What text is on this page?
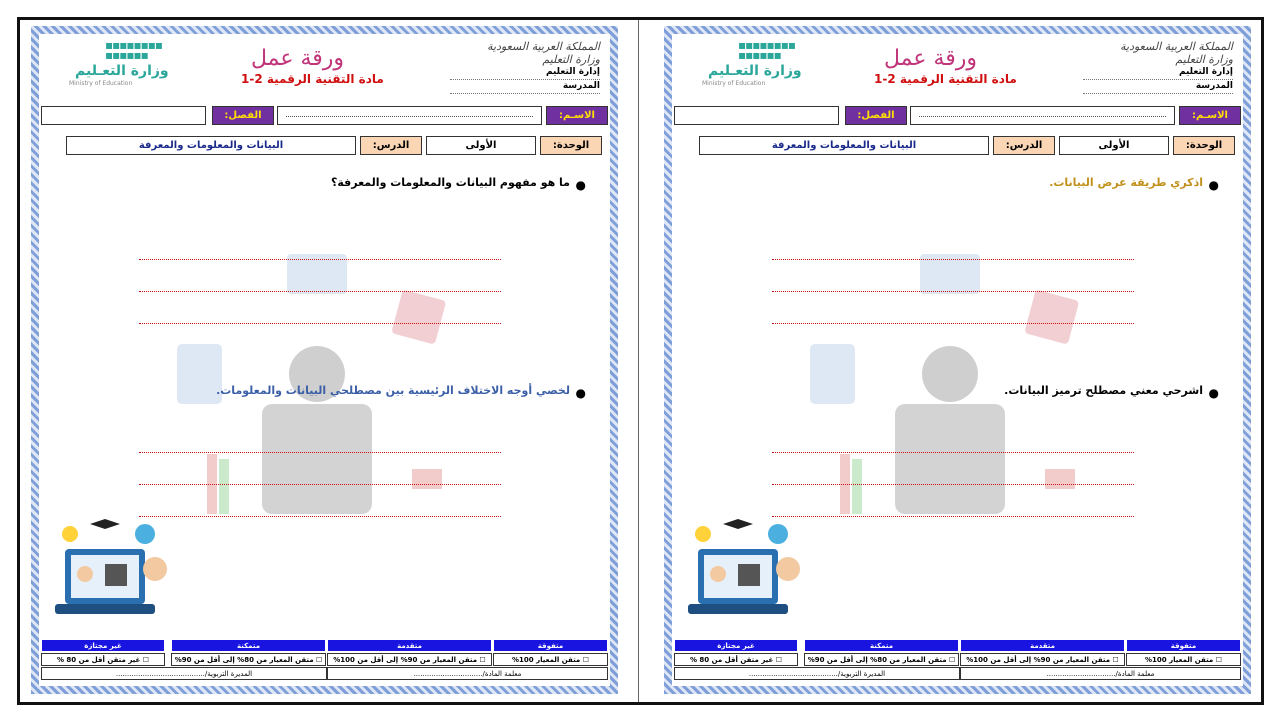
المملكة العربية السعودية
وزارة التعليم
إدارة التعليم
المدرسة
ورقة عمل
مادة التقنية الرقمية 2-1
▪▪▪▪▪▪▪▪
▪▪▪▪▪▪
وزارة التعـليم
Ministry of Education
الاسـم:
الفصل:
الوحدة:
الأولى
الدرس:
البيانات والمعلومات والمعرفة
●
ما هو مفهوم البيانات والمعلومات والمعرفة؟
●
لخصي أوجه الاختلاف الرئيسية بين مصطلحي البيانات والمعلومات.
متفوقة
متقدمة
متمكنة
غير مجتازة
☐ متقن المعيار 100%
☐ متقن المعيار من 90% إلى أقل من 100%
☐ متقن المعيار من 80% إلى أقل من 90%
☐ غير متقن أقل من 80 %
معلمة المادة/...............................
المديرة التربوية/........................................
المملكة العربية السعودية
وزارة التعليم
إدارة التعليم
المدرسة
ورقة عمل
مادة التقنية الرقمية 2-1
▪▪▪▪▪▪▪▪
▪▪▪▪▪▪
وزارة التعـليم
Ministry of Education
الاسـم:
الفصل:
الوحدة:
الأولى
الدرس:
البيانات والمعلومات والمعرفة
●
اذكري طريقة عرض البيانات.
●
اشرحي معني مصطلح ترميز البيانات.
متفوقة
متقدمة
متمكنة
غير مجتازة
☐ متقن المعيار 100%
☐ متقن المعيار من 90% إلى أقل من 100%
☐ متقن المعيار من 80% إلى أقل من 90%
☐ غير متقن أقل من 80 %
معلمة المادة/...............................
المديرة التربوية/........................................
